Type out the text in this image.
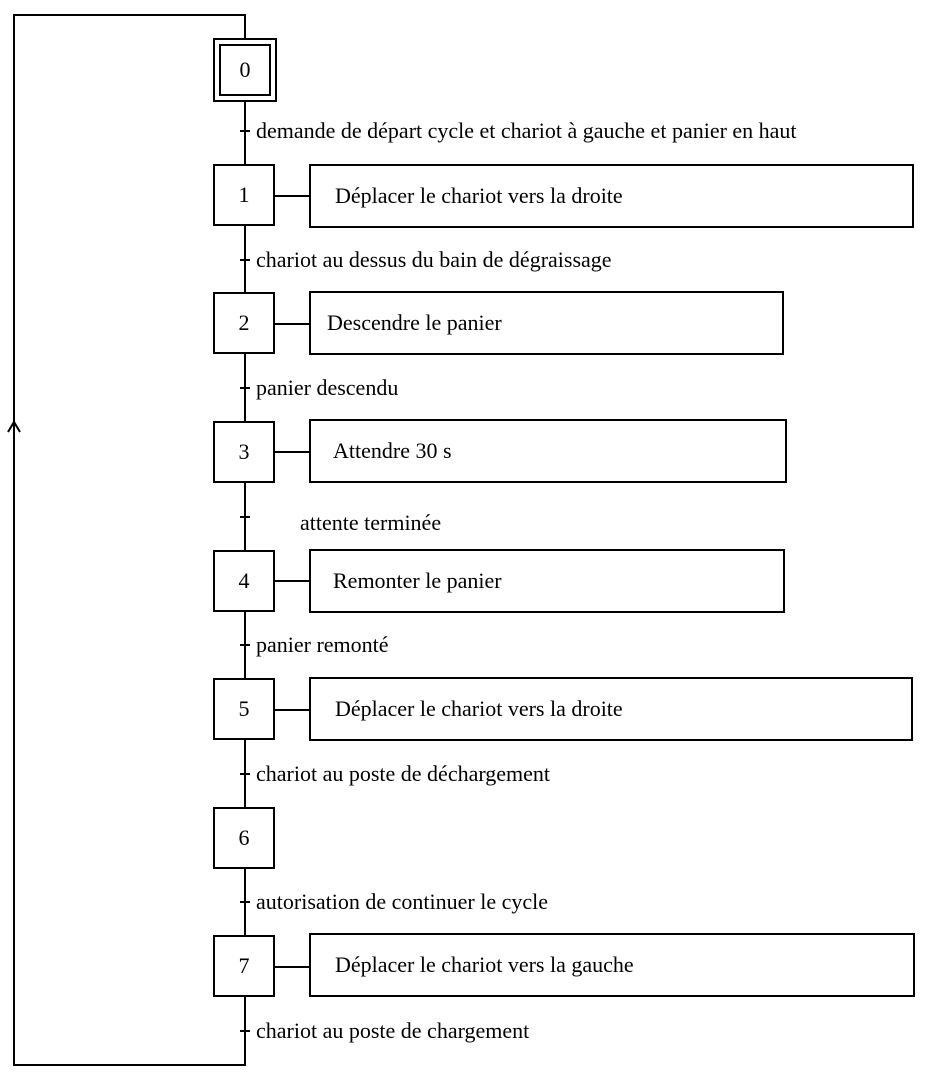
0
demande de départ cycle et chariot à gauche et panier en haut
1	Déplacer le chariot vers la droite
chariot au dessus du bain de dégraissage
2	Descendre le panier
panier descendu
3	Attendre 30 s
attente terminée
4	Remonter le panier
panier remonté
5	Déplacer le chariot vers la droite
chariot au poste de déchargement
6
autorisation de continuer le cycle
7	Déplacer le chariot vers la gauche
chariot au poste de chargement
